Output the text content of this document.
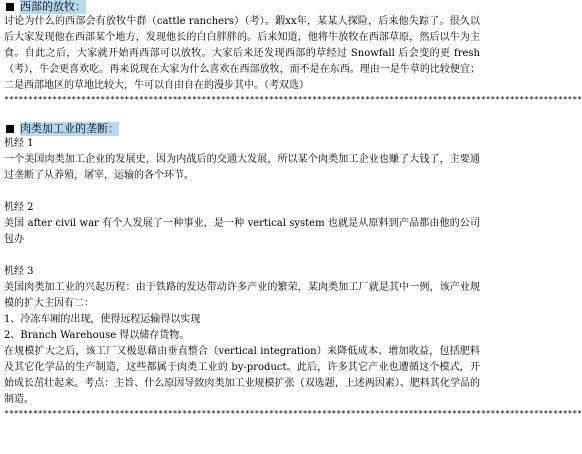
西部的放牧：

讨论为什么的西部会有放牧牛群（cattle ranchers）（考）。鍜xx年，某某人探险，后来他失踪了。很久以后大家发现他在西部某个地方，发现他长的白白胖胖的。后来知道，他将牛放牧在西部草原，然后以牛为主食。自此之后，大家就开始再西部可以放牧。大家后来还发现西部的草经过 Snowfall 后会变的更 fresh （考），牛会更喜欢吃。再来说现在大家为什么喜欢在西部放牧，而不是在东西。理由一是牛草的比较便宜；二是西部地区的草地比较大，牛可以自由自在的漫步其中。（考双选）

************************************************************************************************************************
肉类加工业的垄断：
机经 1

一个美国肉类加工企业的发展史，因为内战后的交通大发展，所以某个肉类加工企业也赚了大钱了，主要通过垄断了从养殖，屠宰，运输的各个环节。

机经 2

美国 after civil war 有个人发展了一种事业，是一种 vertical system 也就是从原料到产品都由他的公司包办

机经 3

美国肉类加工业的兴起历程：由于铁路的发达带动许多产业的繁荣，某肉类加工厂就是其中一例，该产业规模的扩大主因有二：

1、冷冻车厢的出现，使得远程运输得以实现

2、Branch Warehouse 得以储存货物。

在规模扩大之后，该工厂又极思藉由垂直整合（vertical integration）来降低成本、增加收益，包括肥料及其它化学品的生产制造，这些都属于肉类工业的 by-product。此后，许多其它产业也遭循这个模式，开始成长茁壮起来。考点：主旨、什么原因导致肉类加工业规模扩张（双选题，上述两因素）、肥料其化学品的制造。

************************************************************************************************************************
